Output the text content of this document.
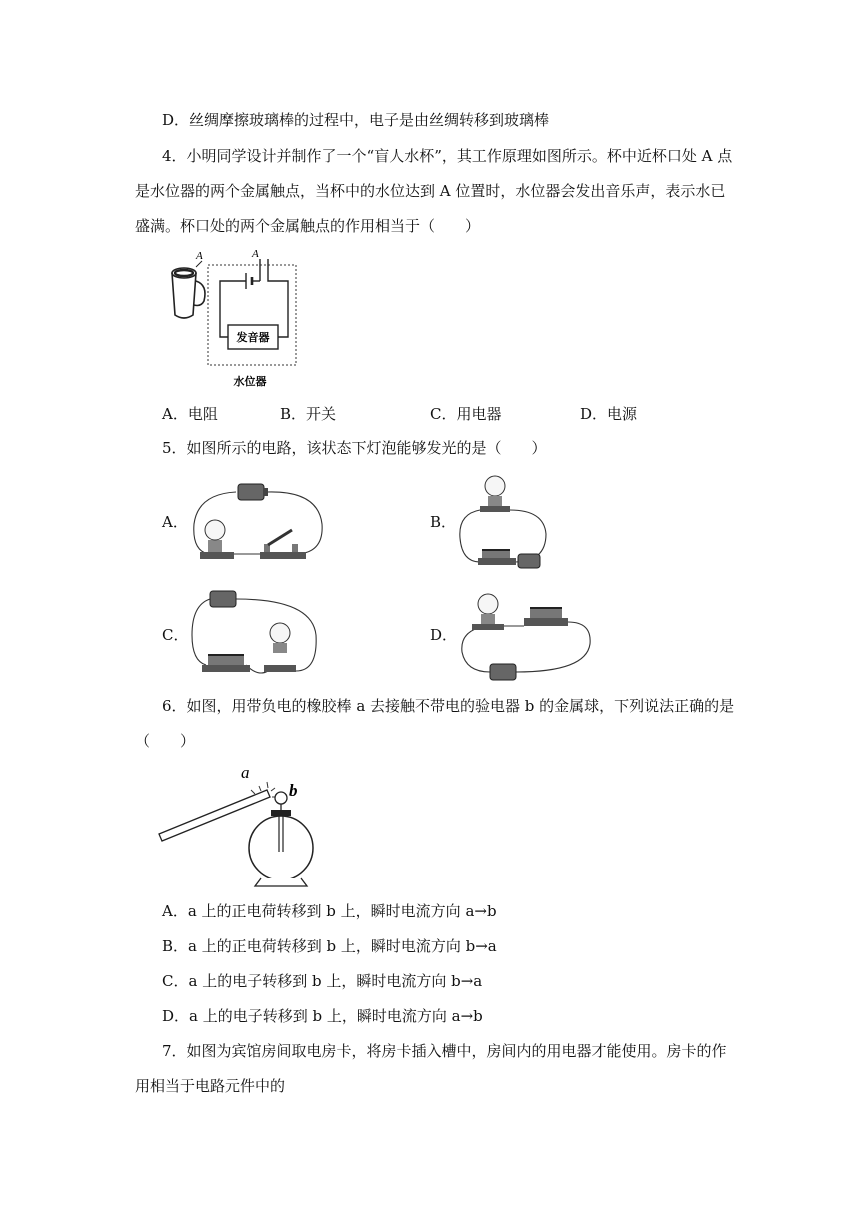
D．丝绸摩擦玻璃棒的过程中，电子是由丝绸转移到玻璃棒
4．小明同学设计并制作了一个“盲人水杯”，其工作原理如图所示。杯中近杯口处 A 点
是水位器的两个金属触点，当杯中的水位达到 A 位置时，水位器会发出音乐声，表示水已
盛满。杯口处的两个金属触点的作用相当于（　　）
A	A
发音器
水位器
A．电阻	B．开关	C．用电器	D．电源
5．如图所示的电路，该状态下灯泡能够发光的是（　　）
A．	B．
C．	D．
6．如图，用带负电的橡胶棒 a 去接触不带电的验电器 b 的金属球，下列说法正确的是
（　　）
a
b
A．a 上的正电荷转移到 b 上，瞬时电流方向 a→b
B．a 上的正电荷转移到 b 上，瞬时电流方向 b→a
C．a 上的电子转移到 b 上，瞬时电流方向 b→a
D．a 上的电子转移到 b 上，瞬时电流方向 a→b
7．如图为宾馆房间取电房卡，将房卡插入槽中，房间内的用电器才能使用。房卡的作
用相当于电路元件中的
